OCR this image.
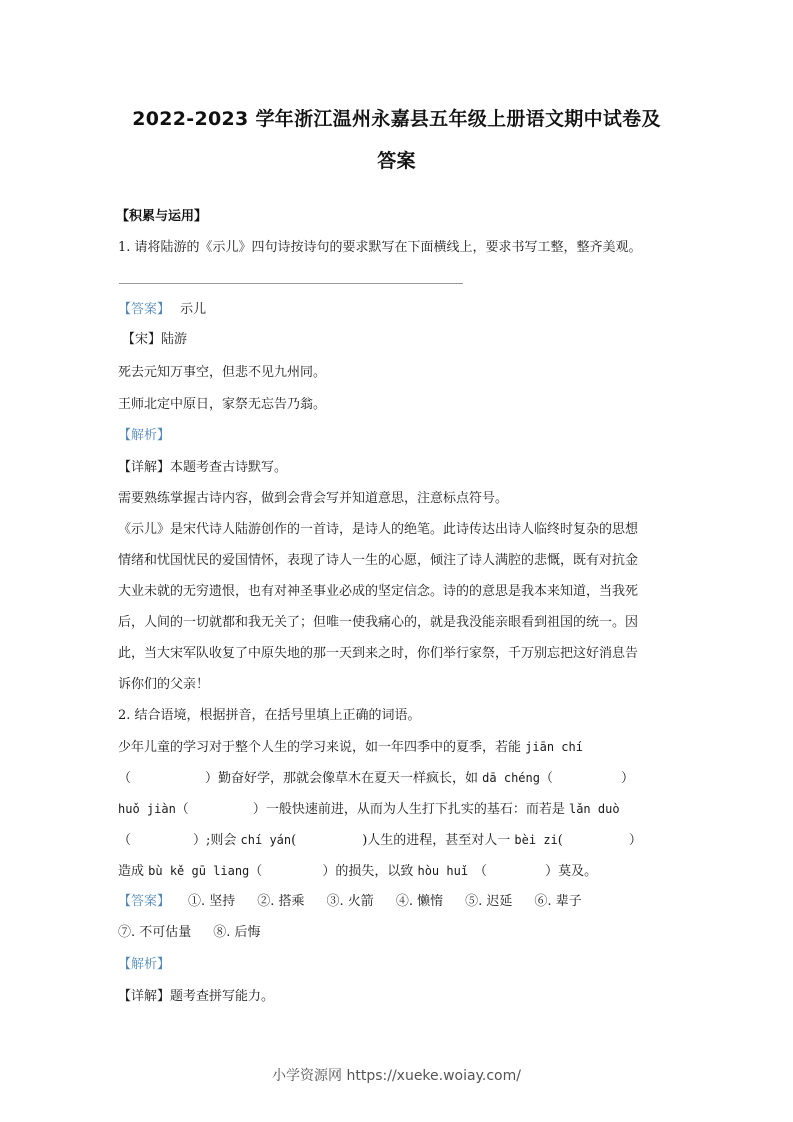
2022-2023 学年浙江温州永嘉县五年级上册语文期中试卷及
答案
【积累与运用】
1. 请将陆游的《示儿》四句诗按诗句的要求默写在下面横线上，要求书写工整，整齐美观。
【答案】 示儿
【宋】陆游
死去元知万事空，但悲不见九州同。
王师北定中原日，家祭无忘告乃翁。
【解析】
【详解】本题考查古诗默写。
需要熟练掌握古诗内容，做到会背会写并知道意思，注意标点符号。
《示儿》是宋代诗人陆游创作的一首诗，是诗人的绝笔。此诗传达出诗人临终时复杂的思想
情绪和忧国忧民的爱国情怀，表现了诗人一生的心愿，倾注了诗人满腔的悲慨，既有对抗金
大业未就的无穷遗恨，也有对神圣事业必成的坚定信念。诗的的意思是我本来知道，当我死
后，人间的一切就都和我无关了；但唯一使我痛心的，就是我没能亲眼看到祖国的统一。因
此，当大宋军队收复了中原失地的那一天到来之时，你们举行家祭，千万别忘把这好消息告
诉你们的父亲！
2. 结合语境，根据拼音，在括号里填上正确的词语。
少年儿童的学习对于整个人生的学习来说，如一年四季中的夏季，若能 jiān chí
（	）勤奋好学，那就会像草木在夏天一样疯长，如 dā chéng（	）
huǒ jiàn（	）一般快速前进，从而为人生打下扎实的基石：而若是 lǎn duò
（	）;则会 chí yán(	)人生的进程，甚至对人一 bèi zi(	）
造成 bù kě gū liang（	）的损失，以致 hòu huǐ （	）莫及。
【答案】 ①. 坚持 ②. 搭乘 ③. 火箭 ④. 懒惰 ⑤. 迟延 ⑥. 辈子
⑦. 不可估量 ⑧. 后悔
【解析】
【详解】题考查拼写能力。
小学资源网 https://xueke.woiay.com/
